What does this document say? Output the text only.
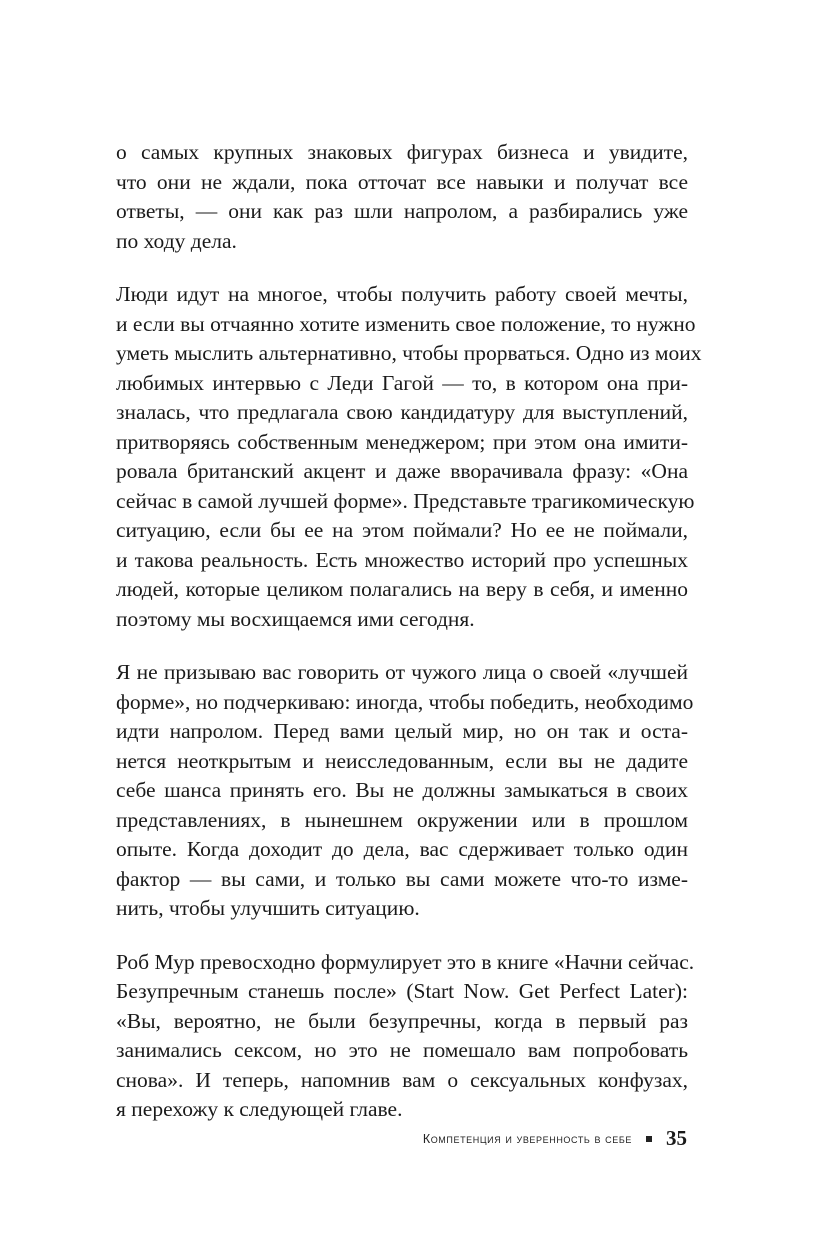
о самых крупных знаковых фигурах бизнеса и увидите,
что они не ждали, пока отточат все навыки и получат все
ответы, — они как раз шли напролом, а разбирались уже
по ходу дела.

Люди идут на многое, чтобы получить работу своей мечты,
и если вы отчаянно хотите изменить свое положение, то нужно
уметь мыслить альтернативно, чтобы прорваться. Одно из моих
любимых интервью с Леди Гагой — то, в котором она при-
зналась, что предлагала свою кандидатуру для выступлений,
притворяясь собственным менеджером; при этом она имити-
ровала британский акцент и даже вворачивала фразу: «Она
сейчас в самой лучшей форме». Представьте трагикомическую
ситуацию, если бы ее на этом поймали? Но ее не поймали,
и такова реальность. Есть множество историй про успешных
людей, которые целиком полагались на веру в себя, и именно
поэтому мы восхищаемся ими сегодня.

Я не призываю вас говорить от чужого лица о своей «лучшей
форме», но подчеркиваю: иногда, чтобы победить, необходимо
идти напролом. Перед вами целый мир, но он так и оста-
нется неоткрытым и неисследованным, если вы не дадите
себе шанса принять его. Вы не должны замыкаться в своих
представлениях, в нынешнем окружении или в прошлом
опыте. Когда доходит до дела, вас сдерживает только один
фактор — вы сами, и только вы сами можете что-то изме-
нить, чтобы улучшить ситуацию.

Роб Мур превосходно формулирует это в книге «Начни сейчас.
Безупречным станешь после» (Start Now. Get Perfect Later):
«Вы, вероятно, не были безупречны, когда в первый раз
занимались сексом, но это не помешало вам попробовать
снова». И теперь, напомнив вам о сексуальных конфузах,
я перехожу к следующей главе.

Компетенция и уверенность в себе 35
